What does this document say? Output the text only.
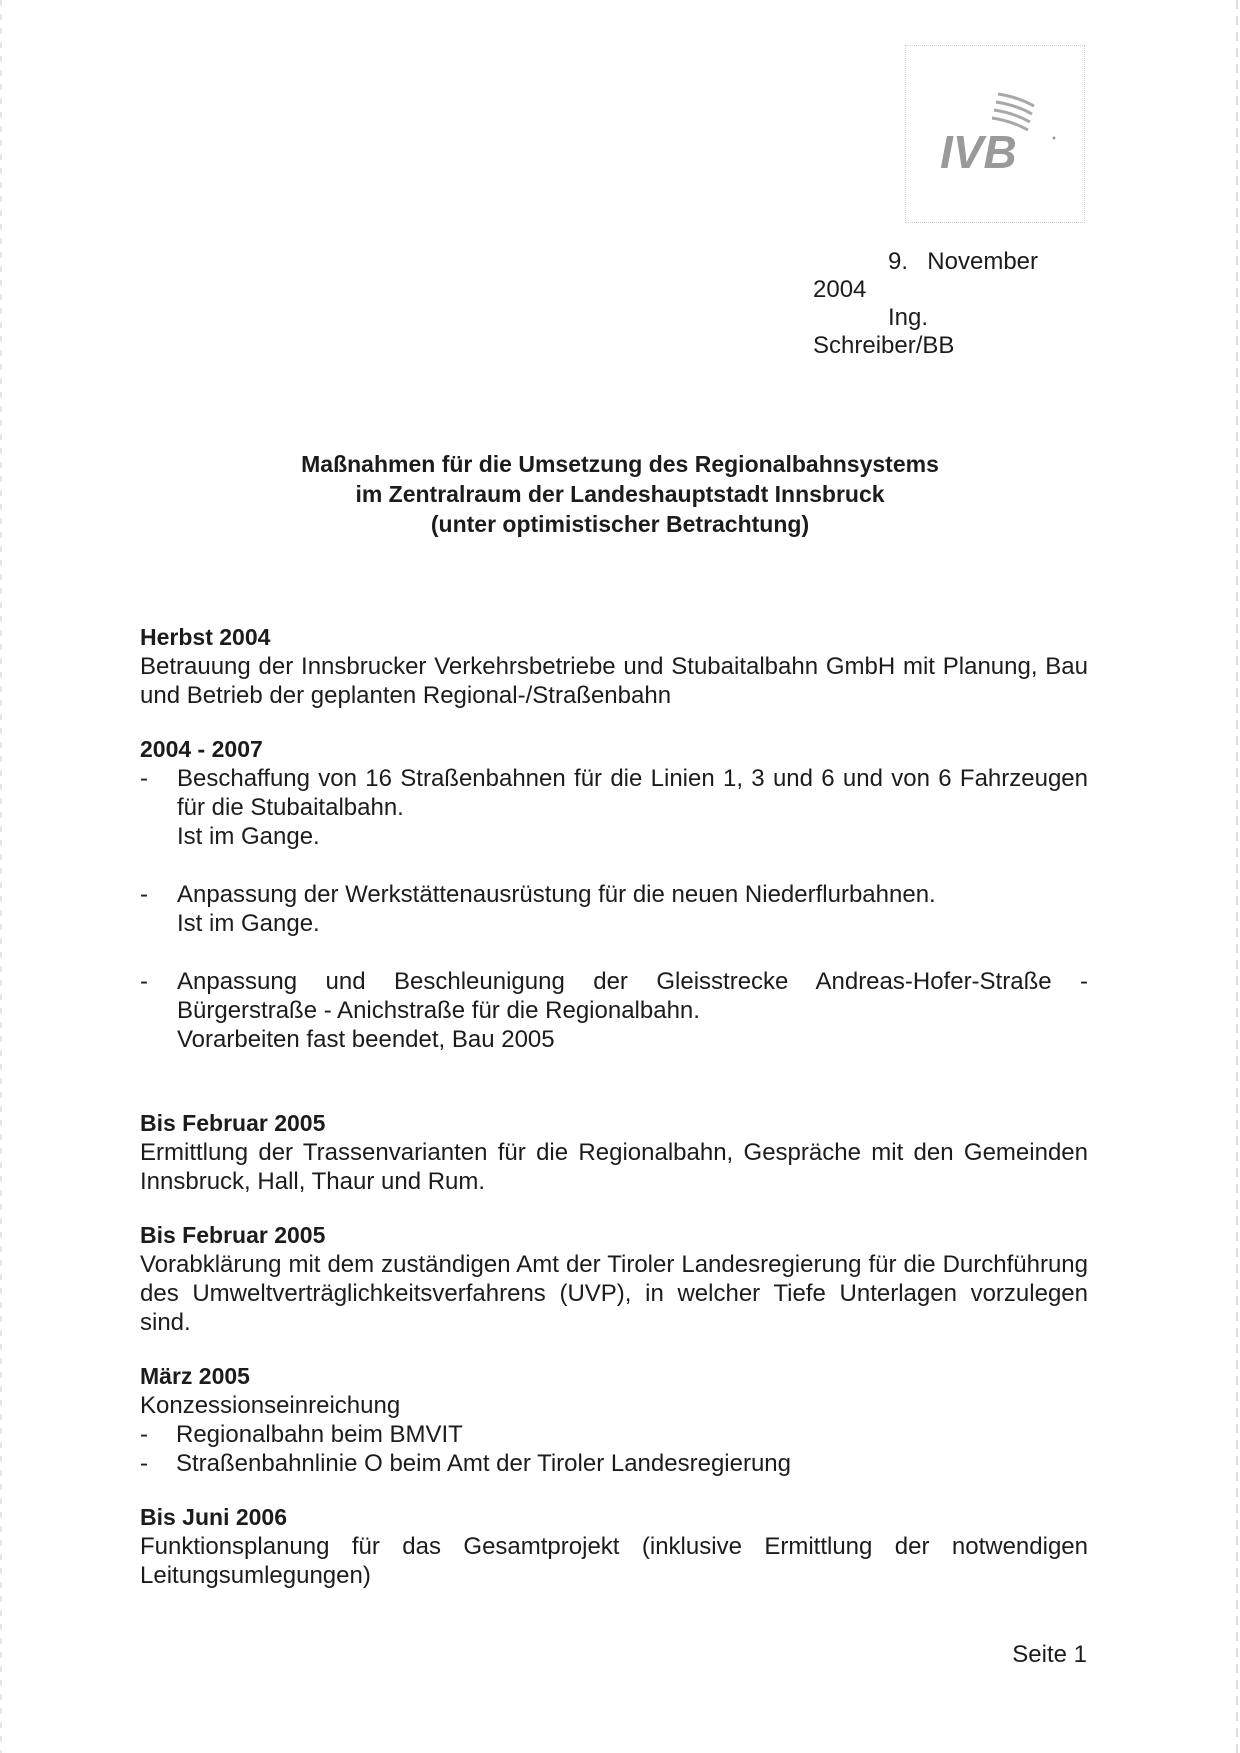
IVB

9. November 2004

Ing. Schreiber/BB

Maßnahmen für die Umsetzung des Regionalbahnsystems
im Zentralraum der Landeshauptstadt Innsbruck
(unter optimistischer Betrachtung)
Herbst 2004
Betrauung der Innsbrucker Verkehrsbetriebe und Stubaitalbahn GmbH mit Planung, Bau und Betrieb der geplanten Regional-/Straßenbahn
2004 - 2007
- Beschaffung von 16 Straßenbahnen für die Linien 1, 3 und 6 und von 6 Fahrzeugen für die Stubaitalbahn.
Ist im Gange.
- Anpassung der Werkstättenausrüstung für die neuen Niederflurbahnen.
Ist im Gange.
- Anpassung und Beschleunigung der Gleisstrecke Andreas-Hofer-Straße - Bürgerstraße - Anichstraße für die Regionalbahn.
Vorarbeiten fast beendet, Bau 2005
Bis Februar 2005
Ermittlung der Trassenvarianten für die Regionalbahn, Gespräche mit den Gemeinden Innsbruck, Hall, Thaur und Rum.
Bis Februar 2005
Vorabklärung mit dem zuständigen Amt der Tiroler Landesregierung für die Durchführung des Umweltverträglichkeitsverfahrens (UVP), in welcher Tiefe Unterlagen vorzulegen sind.
März 2005
Konzessionseinreichung
- Regionalbahn beim BMVIT
- Straßenbahnlinie O beim Amt der Tiroler Landesregierung
Bis Juni 2006
Funktionsplanung für das Gesamtprojekt (inklusive Ermittlung der notwendigen Leitungsumlegungen)
Seite 1
